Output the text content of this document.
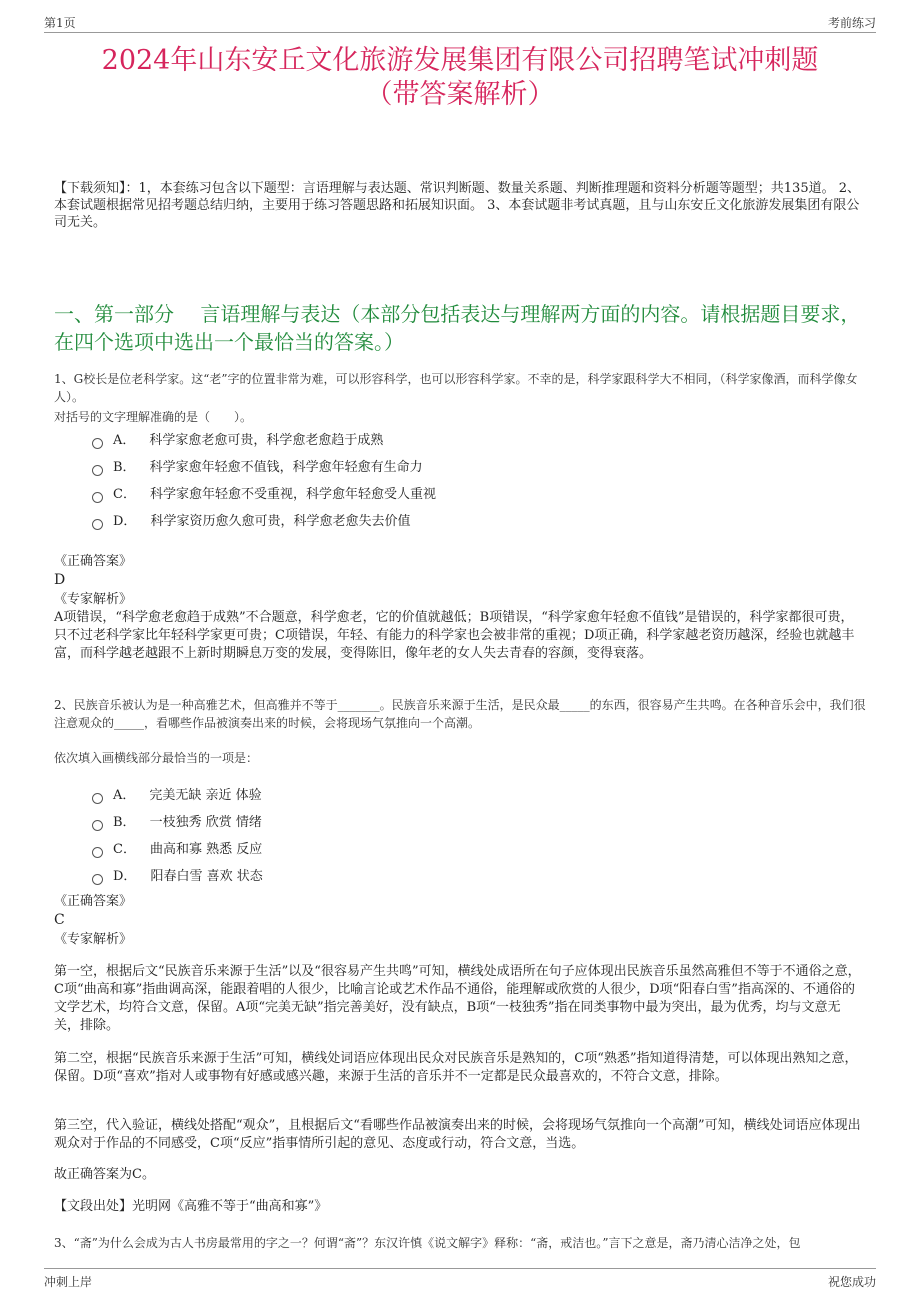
第1页	考前练习
2024年山东安丘文化旅游发展集团有限公司招聘笔试冲刺题
（带答案解析）
【下载须知】：1，本套练习包含以下题型：言语理解与表达题、常识判断题、数量关系题、判断推理题和资料分析题等题型；共135道。 2、本套试题根据常见招考题总结归纳，主要用于练习答题思路和拓展知识面。 3、本套试题非考试真题，且与山东安丘文化旅游发展集团有限公司无关。
一、第一部分　 言语理解与表达（本部分包括表达与理解两方面的内容。请根据题目要求，在四个选项中选出一个最恰当的答案。）
1、G校长是位老科学家。这“老”字的位置非常为难，可以形容科学，也可以形容科学家。不幸的是，科学家跟科学大不相同，（科学家像酒，而科学像女人）。
对括号的文字理解准确的是（　　）。
A． 科学家愈老愈可贵，科学愈老愈趋于成熟
B． 科学家愈年轻愈不值钱，科学愈年轻愈有生命力
C． 科学家愈年轻愈不受重视，科学愈年轻愈受人重视
D． 科学家资历愈久愈可贵，科学愈老愈失去价值
《正确答案》
D
《专家解析》
A项错误，“科学愈老愈趋于成熟”不合题意，科学愈老，它的价值就越低；B项错误，“科学家愈年轻愈不值钱”是错误的，科学家都很可贵，只不过老科学家比年轻科学家更可贵；C项错误，年轻、有能力的科学家也会被非常的重视；D项正确，科学家越老资历越深，经验也就越丰富，而科学越老越跟不上新时期瞬息万变的发展，变得陈旧，像年老的女人失去青春的容颜，变得衰落。
2、民族音乐被认为是一种高雅艺术，但高雅并不等于_______。民族音乐来源于生活，是民众最_____的东西，很容易产生共鸣。在各种音乐会中，我们很注意观众的_____，看哪些作品被演奏出来的时候，会将现场气氛推向一个高潮。
依次填入画横线部分最恰当的一项是：
A． 完美无缺 亲近 体验
B． 一枝独秀 欣赏 情绪
C． 曲高和寡 熟悉 反应
D． 阳春白雪 喜欢 状态
《正确答案》
C
《专家解析》
第一空，根据后文“民族音乐来源于生活”以及“很容易产生共鸣”可知，横线处成语所在句子应体现出民族音乐虽然高雅但不等于不通俗之意，C项“曲高和寡”指曲调高深，能跟着唱的人很少，比喻言论或艺术作品不通俗，能理解或欣赏的人很少，D项“阳春白雪”指高深的、不通俗的文学艺术，均符合文意，保留。A项“完美无缺”指完善美好，没有缺点，B项“一枝独秀”指在同类事物中最为突出，最为优秀，均与文意无关，排除。
第二空，根据“民族音乐来源于生活”可知，横线处词语应体现出民众对民族音乐是熟知的，C项“熟悉”指知道得清楚，可以体现出熟知之意，保留。D项“喜欢”指对人或事物有好感或感兴趣，来源于生活的音乐并不一定都是民众最喜欢的，不符合文意，排除。
第三空，代入验证，横线处搭配“观众”，且根据后文“看哪些作品被演奏出来的时候，会将现场气氛推向一个高潮”可知，横线处词语应体现出观众对于作品的不同感受，C项“反应”指事情所引起的意见、态度或行动，符合文意，当选。
故正确答案为C。
【文段出处】光明网《高雅不等于“曲高和寡”》
3、“斋”为什么会成为古人书房最常用的字之一？何谓“斋”？东汉许慎《说文解字》释称：“斋，戒洁也。”言下之意是，斋乃清心洁净之处，包
冲刺上岸	祝您成功
